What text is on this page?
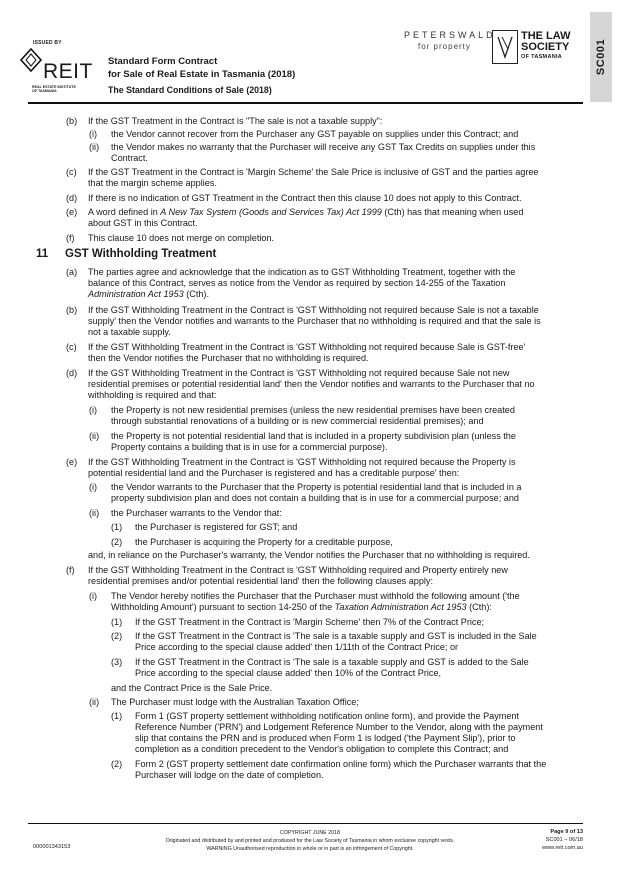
ISSUED BY
REIT
REAL ESTATE INSTITUTE
OF TASMANIA
Standard Form Contract
for Sale of Real Estate in Tasmania (2018)
The Standard Conditions of Sale (2018)
PETERSWALD
for property
THE LAW
SOCIETY
OF TASMANIA	SC001
(b) If the GST Treatment in the Contract is "The sale is not a taxable supply":
(i) the Vendor cannot recover from the Purchaser any GST payable on supplies under this Contract; and
(ii) the Vendor makes no warranty that the Purchaser will receive any GST Tax Credits on supplies under this
Contract.
(c) If the GST Treatment in the Contract is 'Margin Scheme' the Sale Price is inclusive of GST and the parties agree
that the margin scheme applies.
(d) If there is no indication of GST Treatment in the Contract then this clause 10 does not apply to this Contract.
(e) A word defined in A New Tax System (Goods and Services Tax) Act 1999 (Cth) has that meaning when used
about GST in this Contract.
(f) This clause 10 does not merge on completion.
11 GST Withholding Treatment
(a) The parties agree and acknowledge that the indication as to GST Withholding Treatment, together with the
balance of this Contract, serves as notice from the Vendor as required by section 14-255 of the Taxation
Administration Act 1953 (Cth).
(b) If the GST Withholding Treatment in the Contract is 'GST Withholding not required because Sale is not a taxable
supply' then the Vendor notifies and warrants to the Purchaser that no withholding is required and that the sale is
not a taxable supply.
(c) If the GST Withholding Treatment in the Contract is 'GST Withholding not required because Sale is GST-free'
then the Vendor notifies the Purchaser that no withholding is required.
(d) If the GST Withholding Treatment in the Contract is 'GST Withholding not required because Sale not new
residential premises or potential residential land' then the Vendor notifies and warrants to the Purchaser that no
withholding is required and that:
(i) the Property is not new residential premises (unless the new residential premises have been created
through substantial renovations of a building or is new commercial residential premises); and
(ii) the Property is not potential residential land that is included in a property subdivision plan (unless the
Property contains a building that is in use for a commercial purpose).
(e) If the GST Withholding Treatment in the Contract is 'GST Withholding not required because the Property is
potential residential land and the Purchaser is registered and has a creditable purpose' then:
(i) the Vendor warrants to the Purchaser that the Property is potential residential land that is included in a
property subdivision plan and does not contain a building that is in use for a commercial purpose; and
(ii) the Purchaser warrants to the Vendor that:
(1) the Purchaser is registered for GST; and
(2) the Purchaser is acquiring the Property for a creditable purpose,
and, in reliance on the Purchaser's warranty, the Vendor notifies the Purchaser that no withholding is required.
(f) If the GST Withholding Treatment in the Contract is 'GST Withholding required and Property entirely new
residential premises and/or potential residential land' then the following clauses apply:
(i) The Vendor hereby notifies the Purchaser that the Purchaser must withhold the following amount ('the
Withholding Amount') pursuant to section 14-250 of the Taxation Administration Act 1953 (Cth):
(1) If the GST Treatment in the Contract is 'Margin Scheme' then 7% of the Contract Price;
(2) If the GST Treatment in the Contract is 'The sale is a taxable supply and GST is included in the Sale
Price according to the special clause added' then 1/11th of the Contract Price; or
(3) If the GST Treatment in the Contract is 'The sale is a taxable supply and GST is added to the Sale
Price according to the special clause added' then 10% of the Contract Price,
and the Contract Price is the Sale Price.
(ii) The Purchaser must lodge with the Australian Taxation Office;
(1) Form 1 (GST property settlement withholding notification online form), and provide the Payment
Reference Number ('PRN') and Lodgement Reference Number to the Vendor, along with the payment
slip that contains the PRN and is produced when Form 1 is lodged ('the Payment Slip'), prior to
completion as a condition precedent to the Vendor's obligation to complete this Contract; and
(2) Form 2 (GST property settlement date confirmation online form) which the Purchaser warrants that the
Purchaser will lodge on the date of completion.
000001343153
COPYRIGHT JUNE 2018
Originated and distributed by and printed and produced for the Law Society of Tasmania in whom exclusive copyright vests.
WARNING Unauthorised reproduction in whole or in part is an infringement of Copyright.
Page 9 of 13
SC001 – 06/18
www.reit.com.au
